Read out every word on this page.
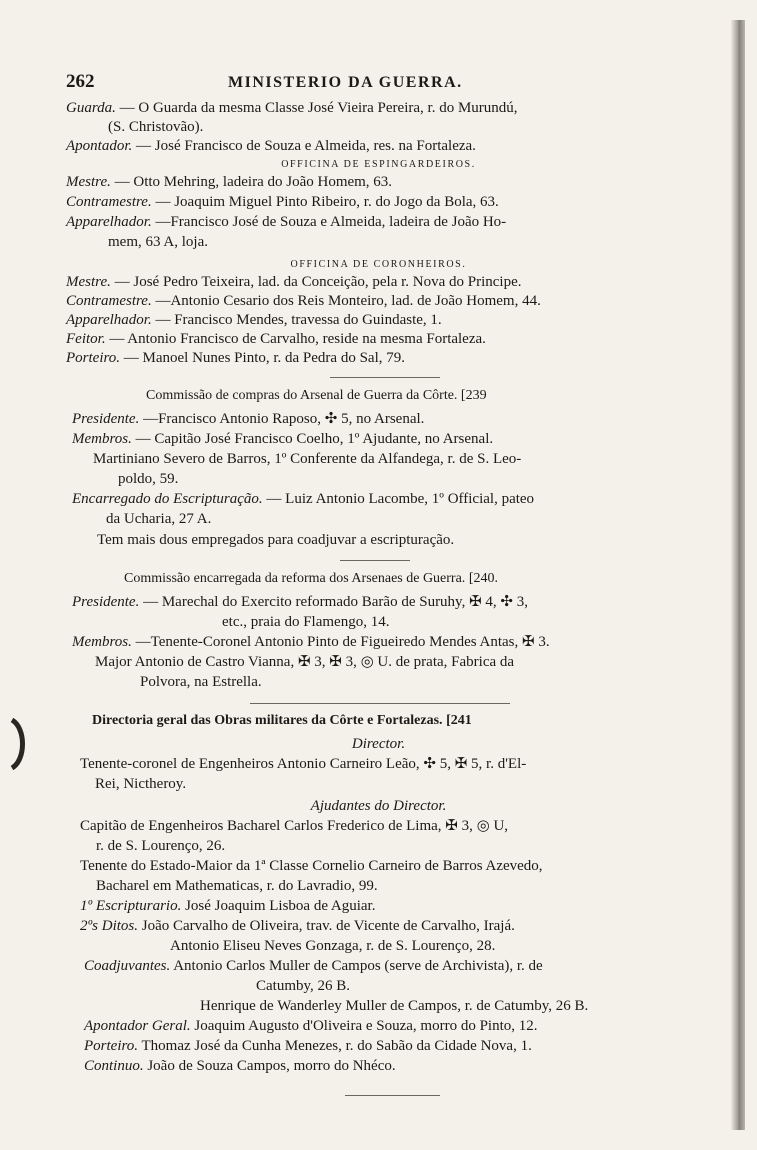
262	MINISTERIO DA GUERRA.
Guarda. — O Guarda da mesma Classe José Vieira Pereira, r. do Murundú,
(S. Christovão).
Apontador. — José Francisco de Souza e Almeida, res. na Fortaleza.
OFFICINA DE ESPINGARDEIROS.
Mestre. — Otto Mehring, ladeira do João Homem, 63.
Contramestre. — Joaquim Miguel Pinto Ribeiro, r. do Jogo da Bola, 63.
Apparelhador. —Francisco José de Souza e Almeida, ladeira de João Ho-
mem, 63 A, loja.
OFFICINA DE CORONHEIROS.
Mestre. — José Pedro Teixeira, lad. da Conceição, pela r. Nova do Principe.
Contramestre. —Antonio Cesario dos Reis Monteiro, lad. de João Homem, 44.
Apparelhador. — Francisco Mendes, travessa do Guindaste, 1.
Feitor. — Antonio Francisco de Carvalho, reside na mesma Fortaleza.
Porteiro. — Manoel Nunes Pinto, r. da Pedra do Sal, 79.
Commissão de compras do Arsenal de Guerra da Côrte. [239
Presidente. —Francisco Antonio Raposo, ✣ 5, no Arsenal.
Membros. — Capitão José Francisco Coelho, 1º Ajudante, no Arsenal.
Martiniano Severo de Barros, 1º Conferente da Alfandega, r. de S. Leo-
poldo, 59.
Encarregado do Escripturação. — Luiz Antonio Lacombe, 1º Official, pateo
da Ucharia, 27 A.
Tem mais dous empregados para coadjuvar a escripturação.
Commissão encarregada da reforma dos Arsenaes de Guerra. [240.
Presidente. — Marechal do Exercito reformado Barão de Suruhy, ✠ 4, ✣ 3,
etc., praia do Flamengo, 14.
Membros. —Tenente-Coronel Antonio Pinto de Figueiredo Mendes Antas, ✠ 3.
Major Antonio de Castro Vianna, ✠ 3, ✠ 3, ◎ U. de prata, Fabrica da
Polvora, na Estrella.
Directoria geral das Obras militares da Côrte e Fortalezas. [241
Director.
Tenente-coronel de Engenheiros Antonio Carneiro Leão, ✣ 5, ✠ 5, r. d'El-
Rei, Nictheroy.
Ajudantes do Director.
Capitão de Engenheiros Bacharel Carlos Frederico de Lima, ✠ 3, ◎ U,
r. de S. Lourenço, 26.
Tenente do Estado-Maior da 1ª Classe Cornelio Carneiro de Barros Azevedo,
Bacharel em Mathematicas, r. do Lavradio, 99.
1º Escripturario. José Joaquim Lisboa de Aguiar.
2ºs Ditos. João Carvalho de Oliveira, trav. de Vicente de Carvalho, Irajá.
Antonio Eliseu Neves Gonzaga, r. de S. Lourenço, 28.
Coadjuvantes. Antonio Carlos Muller de Campos (serve de Archivista), r. de
Catumby, 26 B.
Henrique de Wanderley Muller de Campos, r. de Catumby, 26 B.
Apontador Geral. Joaquim Augusto d'Oliveira e Souza, morro do Pinto, 12.
Porteiro. Thomaz José da Cunha Menezes, r. do Sabão da Cidade Nova, 1.
Continuo. João de Souza Campos, morro do Nhéco.
